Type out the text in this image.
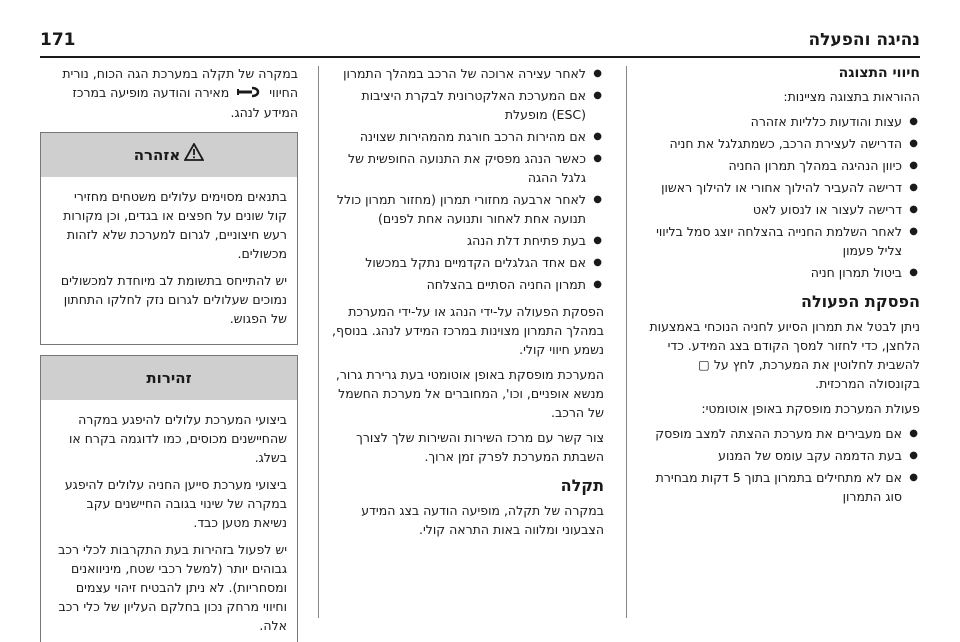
נהיגה והפעלה
171
חיווי התצוגה

ההוראות בתצוגה מציינות:

● עצות והודעות כלליות אזהרה
● הדרישה לעצירת הרכב, כשמתגלגל את חניה
● כיוון הנהיגה במהלך תמרון החניה
● דרישה להעביר להילוך אחורי או להילוך ראשון
● דרישה לעצור או לנסוע לאט
● לאחר השלמת החנייה בהצלחה יוצג סמל בליווי צליל פעמון
● ביטול תמרון חניה
הפסקת הפעולה

ניתן לבטל את תמרון הסיוע לחניה הנוכחי באמצעות הלחצן, כדי לחזור למסך הקודם בצג המידע. כדי להשבית לחלוטין את המערכת, לחץ על ▢ בקונסולה המרכזית.

פעולת המערכת מופסקת באופן אוטומטי:

● אם מעבירים את מערכת ההצתה למצב מופסק
● בעת הדממה עקב עומס של המנוע
● אם לא מתחילים בתמרון בתוך 5 דקות מבחירת סוג התמרון
● לאחר עצירה ארוכה של הרכב במהלך התמרון
● אם המערכת האלקטרונית לבקרת היציבות (ESC) מופעלת
● אם מהירות הרכב חורגת מהמהירות שצוינה
● כאשר הנהג מפסיק את התנועה החופשית של גלגל ההגה
● לאחר ארבעה מחזורי תמרון (מחזור תמרון כולל תנועה אחת לאחור ותנועה אחת לפנים)
● בעת פתיחת דלת הנהג
● אם אחד הגלגלים הקדמיים נתקל במכשול
● תמרון החניה הסתיים בהצלחה

הפסקת הפעולה על-ידי הנהג או על-ידי המערכת במהלך התמרון מצוינות במרכז המידע לנהג. בנוסף, נשמע חיווי קולי.

המערכת מופסקת באופן אוטומטי בעת גרירת גרור, מנשא אופניים, וכו', המחוברים אל מערכת החשמל של הרכב.

צור קשר עם מרכז השירות והשירות שלך לצורך השבתת המערכת לפרק זמן ארוך.

תקלה

במקרה של תקלה, מופיעה הודעה בצג המידע הצבעוני ומלווה באות התראה קולי.

במקרה של תקלה במערכת הגה הכוח, נורית החיווי  מאירה והודעה מופיעה במרכז המידע לנהג.

אזהרה

בתנאים מסוימים עלולים משטחים מחזירי קול שונים על חפצים או בגדים, וכן מקורות רעש חיצוניים, לגרום למערכת שלא לזהות מכשולים.

יש להתייחס בתשומת לב מיוחדת למכשולים נמוכים שעלולים לגרום נזק לחלקו התחתון של הפגוש.

זהירות

ביצועי המערכת עלולים להיפגע במקרה שהחיישנים מכוסים, כמו לדוגמה בקרח או בשלג.

ביצועי מערכת סייען החניה עלולים להיפגע במקרה של שינוי בגובה החיישנים עקב נשיאת מטען כבד.

יש לפעול בזהירות בעת התקרבות לכלי רכב גבוהים יותר (למשל רכבי שטח, מיניוואנים ומסחריות). לא ניתן להבטיח זיהוי עצמים וחיווי מרחק נכון בחלקם העליון של כלי רכב אלה.
